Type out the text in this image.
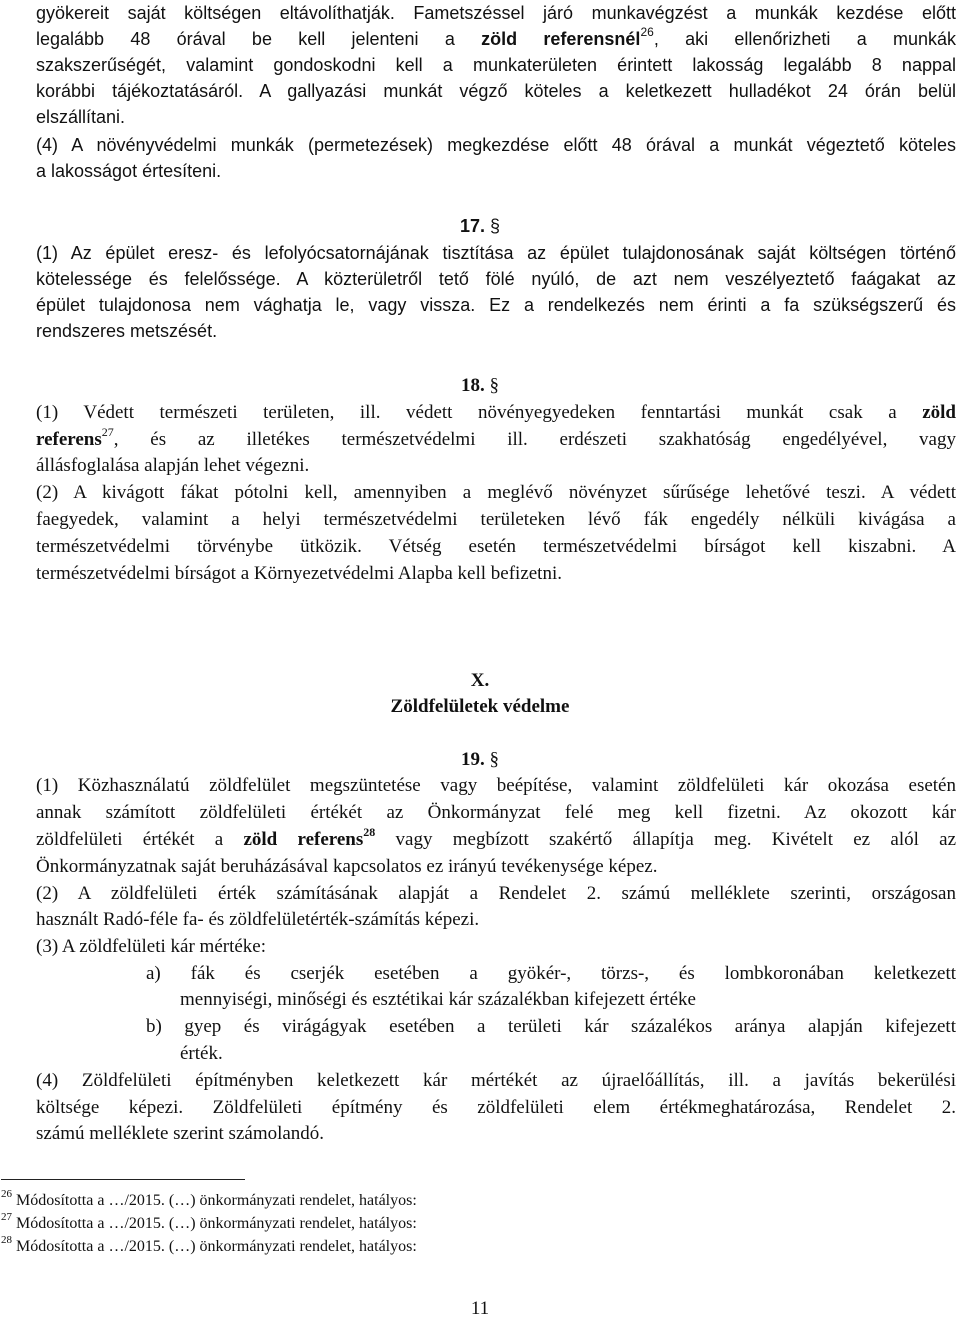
gyökereit saját költségen eltávolíthatják. Fametszéssel járó munkavégzést a munkák kezdése előtt
legalább 48 órával be kell jelenteni a zöld referensnél$^{26}$, aki ellenőrizheti a munkák
szakszerűségét, valamint gondoskodni kell a munkaterületen érintett lakosság legalább 8 nappal
korábbi tájékoztatásáról. A gallyazási munkát végző köteles a keletkezett hulladékot 24 órán belül
elszállítani.
(4) A növényvédelmi munkák (permetezések) megkezdése előtt 48 órával a munkát végeztető köteles
a lakosságot értesíteni.
17. §
(1) Az épület eresz- és lefolyócsatornájának tisztítása az épület tulajdonosának saját költségen történő
kötelessége és felelőssége. A közterületről tető fölé nyúló, de azt nem veszélyeztető faágakat az
épület tulajdonosa nem vághatja le, vagy vissza. Ez a rendelkezés nem érinti a fa szükségszerű és
rendszeres metszését.
18. §
(1) Védett természeti területen, ill. védett növényegyedeken fenntartási munkát csak a zöld
referens$^{27}$, és az illetékes természetvédelmi ill. erdészeti szakhatóság engedélyével, vagy
állásfoglalása alapján lehet végezni.
(2) A kivágott fákat pótolni kell, amennyiben a meglévő növényzet sűrűsége lehetővé teszi. A védett
faegyedek, valamint a helyi természetvédelmi területeken lévő fák engedély nélküli kivágása a
természetvédelmi törvénybe ütközik. Vétség esetén természetvédelmi bírságot kell kiszabni. A
természetvédelmi bírságot a Környezetvédelmi Alapba kell befizetni.
X.
Zöldfelületek védelme
19. §
(1) Közhasználatú zöldfelület megszüntetése vagy beépítése, valamint zöldfelületi kár okozása esetén
annak számított zöldfelületi értékét az Önkormányzat felé meg kell fizetni. Az okozott kár
zöldfelületi értékét a zöld referens$^{28}$ vagy megbízott szakértő állapítja meg. Kivételt ez alól az
Önkormányzatnak saját beruházásával kapcsolatos ez irányú tevékenysége képez.
(2) A zöldfelületi érték számításának alapját a Rendelet 2. számú melléklete szerinti, országosan
használt Radó-féle fa- és zöldfelületérték-számítás képezi.
(3) A zöldfelületi kár mértéke:
a) fák és cserjék esetében a gyökér-, törzs-, és lombkoronában keletkezett
mennyiségi, minőségi és esztétikai kár százalékban kifejezett értéke
b) gyep és virágágyak esetében a területi kár százalékos aránya alapján kifejezett
érték.
(4) Zöldfelületi építményben keletkezett kár mértékét az újraelőállítás, ill. a javítás bekerülési
költsége képezi. Zöldfelületi építmény és zöldfelületi elem értékmeghatározása, Rendelet 2.
számú melléklete szerint számolandó.
$^{26}$ Módosította a …/2015. (…) önkormányzati rendelet, hatályos:
$^{27}$ Módosította a …/2015. (…) önkormányzati rendelet, hatályos:
$^{28}$ Módosította a …/2015. (…) önkormányzati rendelet, hatályos:
11
